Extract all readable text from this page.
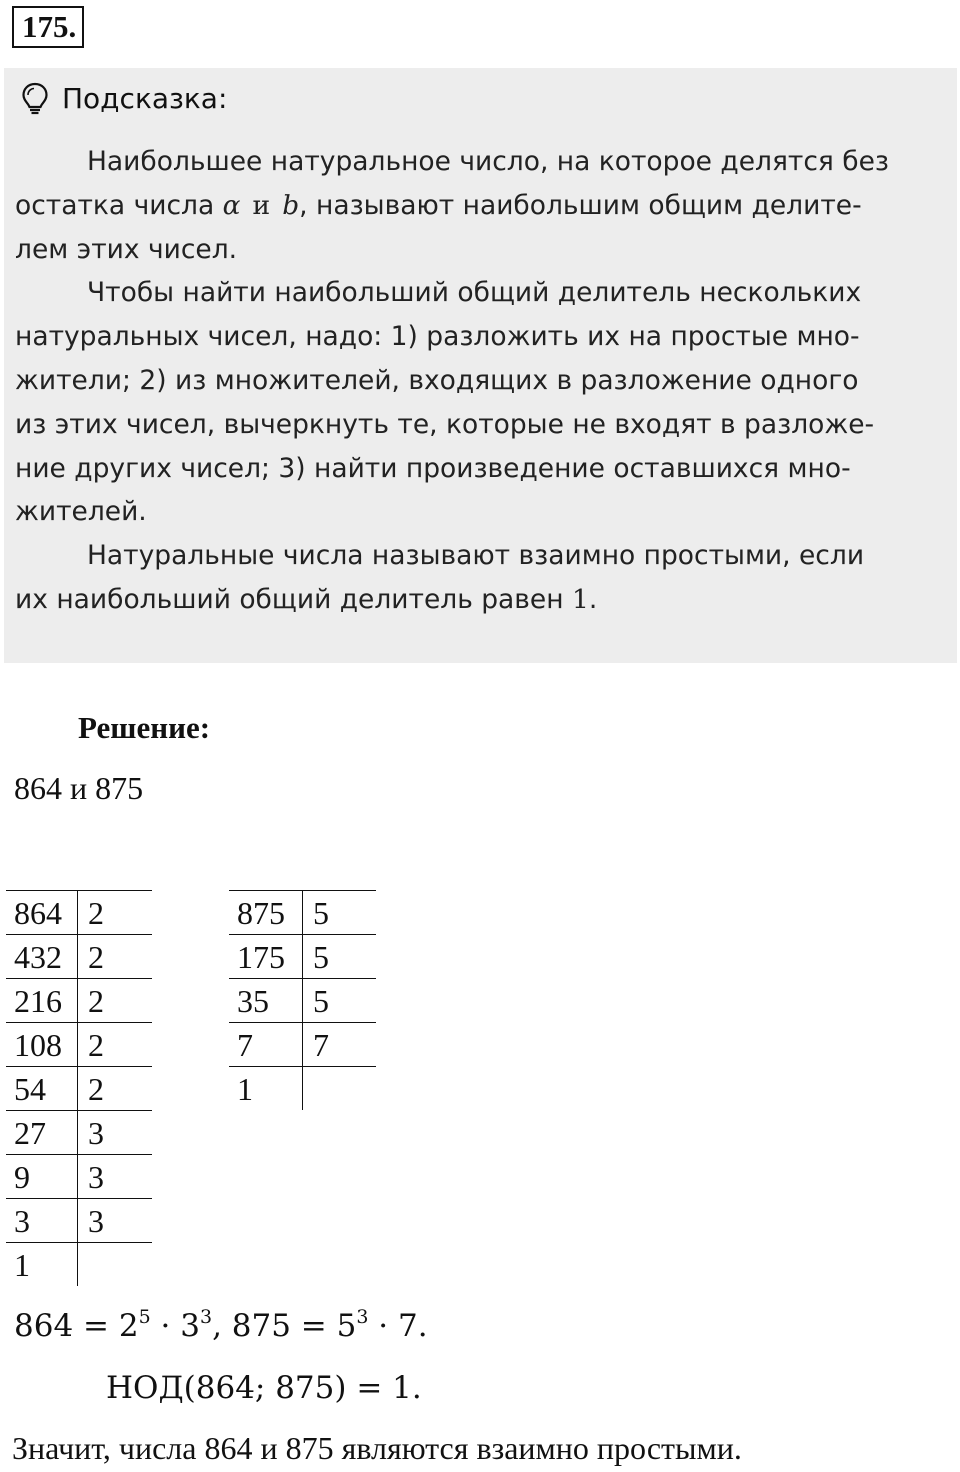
175.
Подсказка:

Наибольшее натуральное число, на которое делятся без

остатка числа α и b, называют наибольшим общим делите-

лем этих чисел.

Чтобы найти наибольший общий делитель нескольких

натуральных чисел, надо: 1) разложить их на простые мно-

жители; 2) из множителей, входящих в разложение одного

из этих чисел, вычеркнуть те, которые не входят в разложе-

ние других чисел; 3) найти произведение оставшихся мно-

жителей.

Натуральные числа называют взаимно простыми, если

их наибольший общий делитель равен 1.

Решение:
864 и 875
864	2
432	2
216	2
108	2
54	2
27	3
9	3
3	3
1	
875	5
175	5
35	5
7	7
1	
$864 = 2^5 \cdot 3^3$, $875 = 5^3 \cdot 7$.
НОД(864; 875) = 1.
Значит, числа 864 и 875 являются взаимно простыми.
